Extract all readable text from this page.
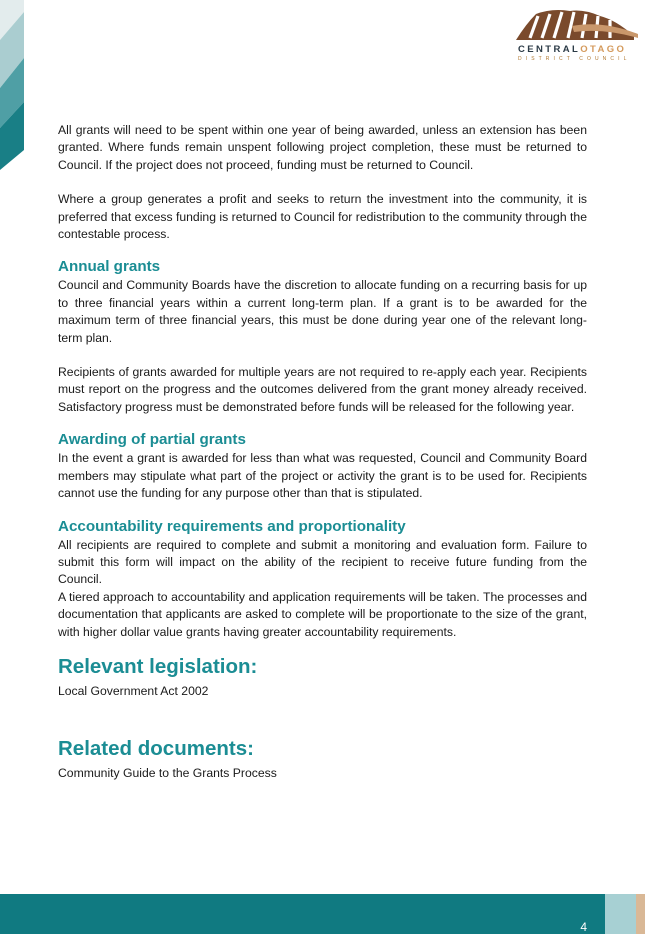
CENTRALOTAGO
DISTRICT COUNCIL

All grants will need to be spent within one year of being awarded, unless an extension has been granted. Where funds remain unspent following project completion, these must be returned to Council. If the project does not proceed, funding must be returned to Council.

Where a group generates a profit and seeks to return the investment into the community, it is preferred that excess funding is returned to Council for redistribution to the community through the contestable process.

Annual grants

Council and Community Boards have the discretion to allocate funding on a recurring basis for up to three financial years within a current long-term plan. If a grant is to be awarded for the maximum term of three financial years, this must be done during year one of the relevant long-term plan.

Recipients of grants awarded for multiple years are not required to re-apply each year. Recipients must report on the progress and the outcomes delivered from the grant money already received. Satisfactory progress must be demonstrated before funds will be released for the following year.

Awarding of partial grants

In the event a grant is awarded for less than what was requested, Council and Community Board members may stipulate what part of the project or activity the grant is to be used for. Recipients cannot use the funding for any purpose other than that is stipulated.

Accountability requirements and proportionality

All recipients are required to complete and submit a monitoring and evaluation form. Failure to submit this form will impact on the ability of the recipient to receive future funding from the Council.

A tiered approach to accountability and application requirements will be taken. The processes and documentation that applicants are asked to complete will be proportionate to the size of the grant, with higher dollar value grants having greater accountability requirements.

Relevant legislation:

Local Government Act 2002

Related documents:

Community Guide to the Grants Process

4
